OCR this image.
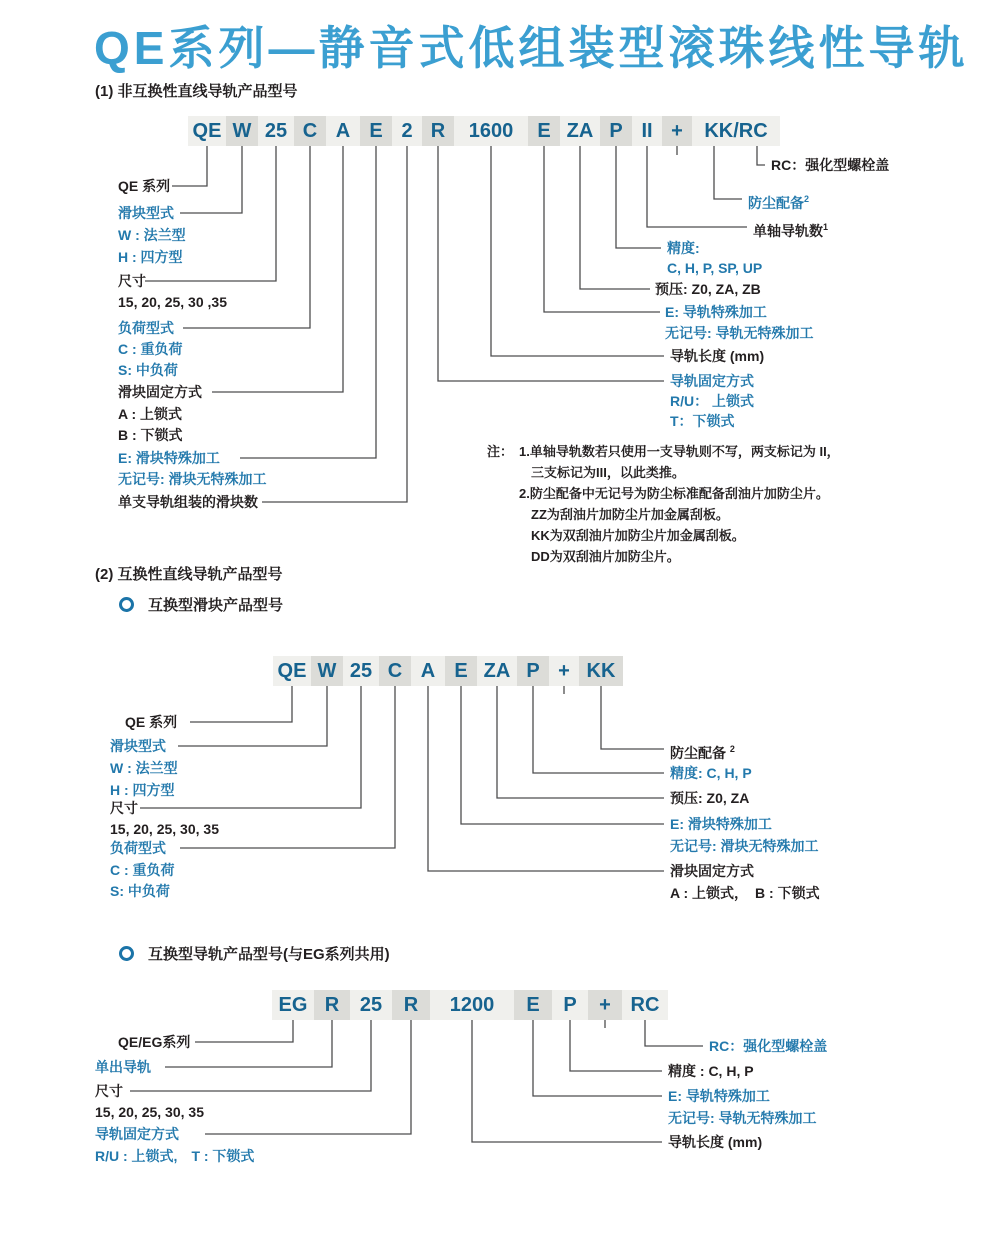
QE系列—静音式低组装型滚珠线性导轨
(1) 非互换性直线导轨产品型号
(2) 互换性直线导轨产品型号
互换型滑块产品型号
互换型导轨产品型号(与EG系列共用)
QE W 25 C A E 2 R	1600	E ZA P II +	KK/RC
QE 系列
滑块型式
W : 法兰型
H : 四方型
尺寸
15, 20, 25, 30 ,35
负荷型式
C : 重负荷
S: 中负荷
滑块固定方式
A : 上锁式
B : 下锁式
E: 滑块特殊加工
无记号: 滑块无特殊加工
单支导轨组装的滑块数
RC：强化型螺栓盖
防尘配备$^2$
单轴导轨数$^1$
精度:
C, H, P, SP, UP
预压: Z0, ZA, ZB
E: 导轨特殊加工
无记号: 导轨无特殊加工
导轨长度 (mm)
导轨固定方式
R/U： 上锁式
T：下锁式
注： 1.单轴导轨数若只使用一支导轨则不写，两支标记为 II，
三支标记为III，以此类推。
2.防尘配备中无记号为防尘标准配备刮油片加防尘片。
ZZ为刮油片加防尘片加金属刮板。
KK为双刮油片加防尘片加金属刮板。
DD为双刮油片加防尘片。
QE W 25 C A E ZA P + KK
QE 系列
滑块型式
W : 法兰型
H : 四方型
尺寸
15, 20, 25, 30, 35
负荷型式
C : 重负荷
S: 中负荷
防尘配备 $^2$
精度: C, H, P
预压: Z0, ZA
E: 滑块特殊加工
无记号: 滑块无特殊加工
滑块固定方式
A : 上锁式，　B : 下锁式
EG R	25	R	1200	E	P	+ RC
QE/EG系列
单出导轨
尺寸
15, 20, 25, 30, 35
导轨固定方式
R/U : 上锁式,　T : 下锁式
RC：强化型螺栓盖
精度 : C, H, P
E: 导轨特殊加工
无记号: 导轨无特殊加工
导轨长度 (mm)
